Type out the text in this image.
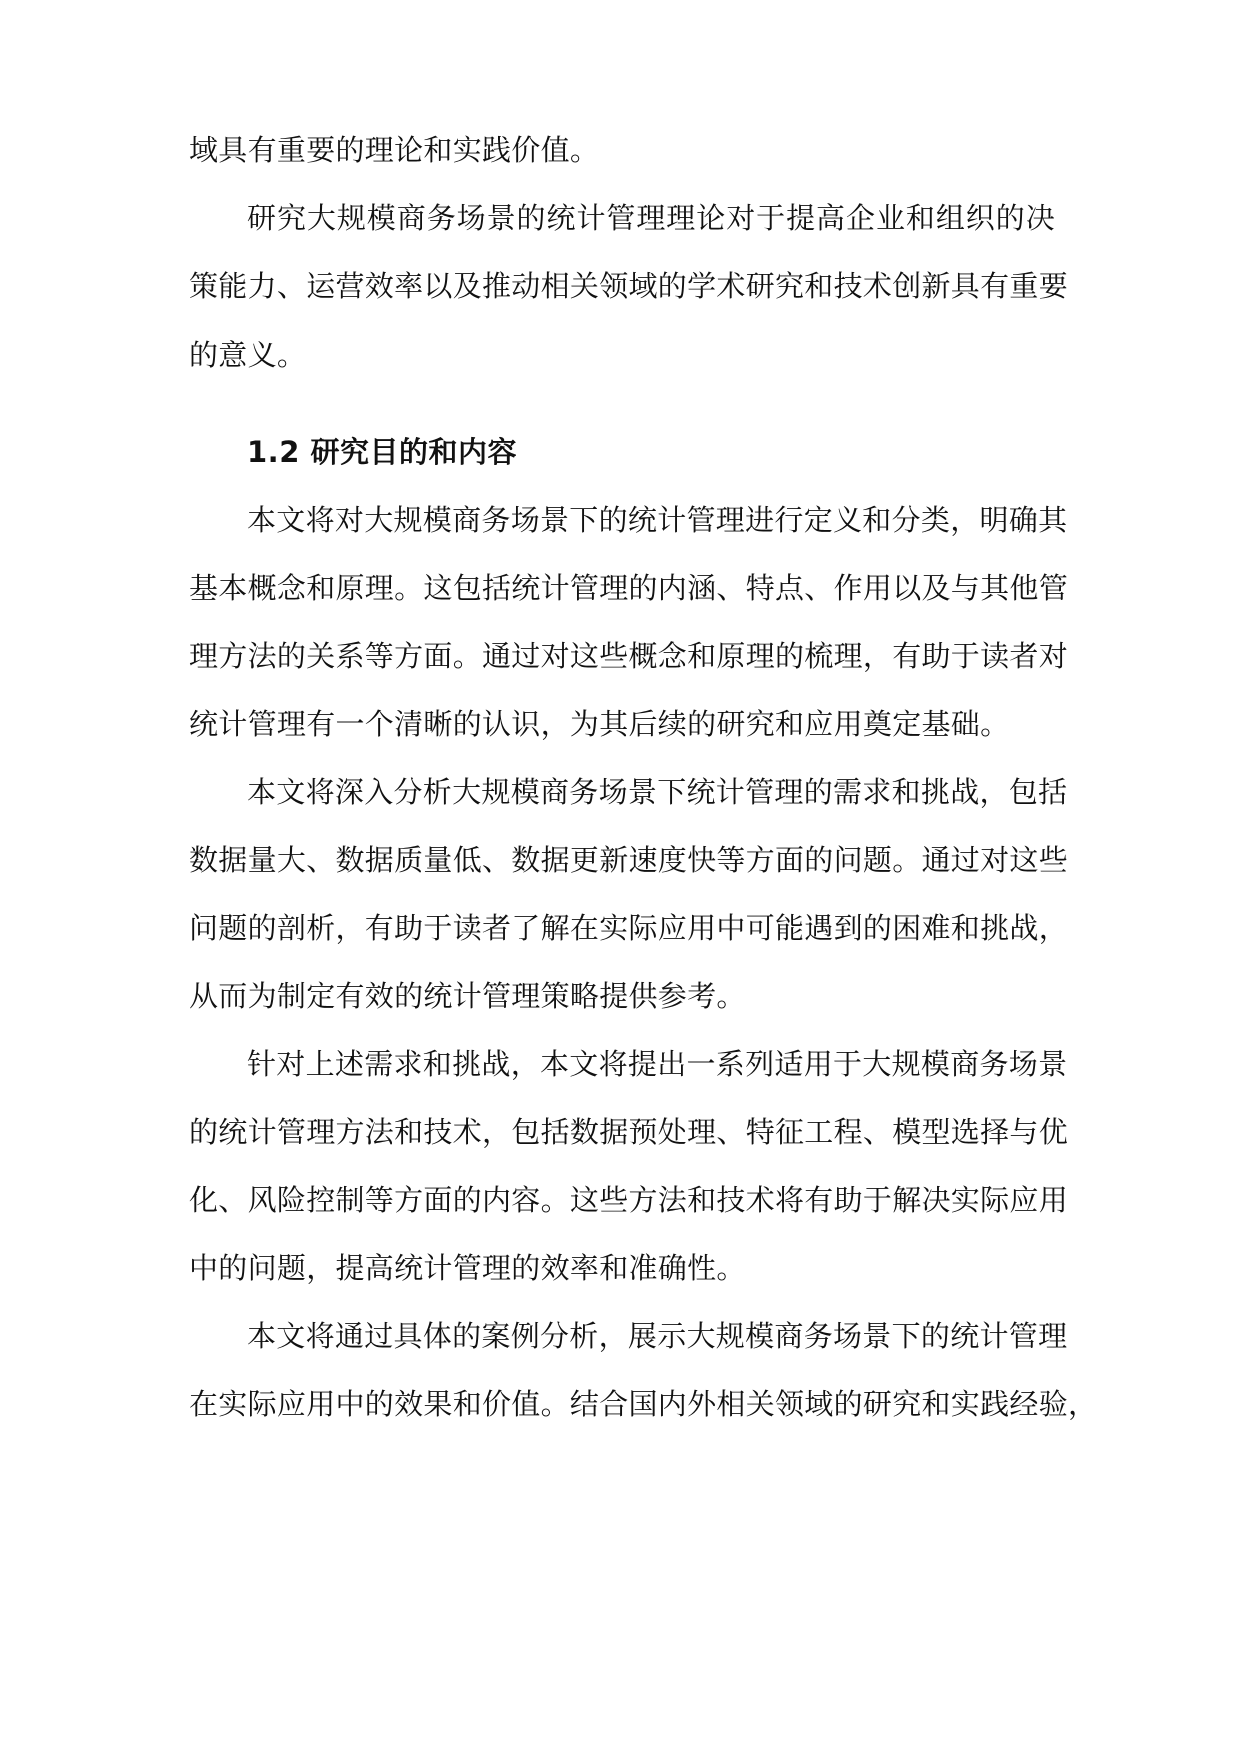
域具有重要的理论和实践价值。
研究大规模商务场景的统计管理理论对于提高企业和组织的决
策能力、运营效率以及推动相关领域的学术研究和技术创新具有重要
的意义。
1.2 研究目的和内容
本文将对大规模商务场景下的统计管理进行定义和分类，明确其
基本概念和原理。这包括统计管理的内涵、特点、作用以及与其他管
理方法的关系等方面。通过对这些概念和原理的梳理，有助于读者对
统计管理有一个清晰的认识，为其后续的研究和应用奠定基础。
本文将深入分析大规模商务场景下统计管理的需求和挑战，包括
数据量大、数据质量低、数据更新速度快等方面的问题。通过对这些
问题的剖析，有助于读者了解在实际应用中可能遇到的困难和挑战，
从而为制定有效的统计管理策略提供参考。
针对上述需求和挑战，本文将提出一系列适用于大规模商务场景
的统计管理方法和技术，包括数据预处理、特征工程、模型选择与优
化、风险控制等方面的内容。这些方法和技术将有助于解决实际应用
中的问题，提高统计管理的效率和准确性。
本文将通过具体的案例分析，展示大规模商务场景下的统计管理
在实际应用中的效果和价值。结合国内外相关领域的研究和实践经验，
